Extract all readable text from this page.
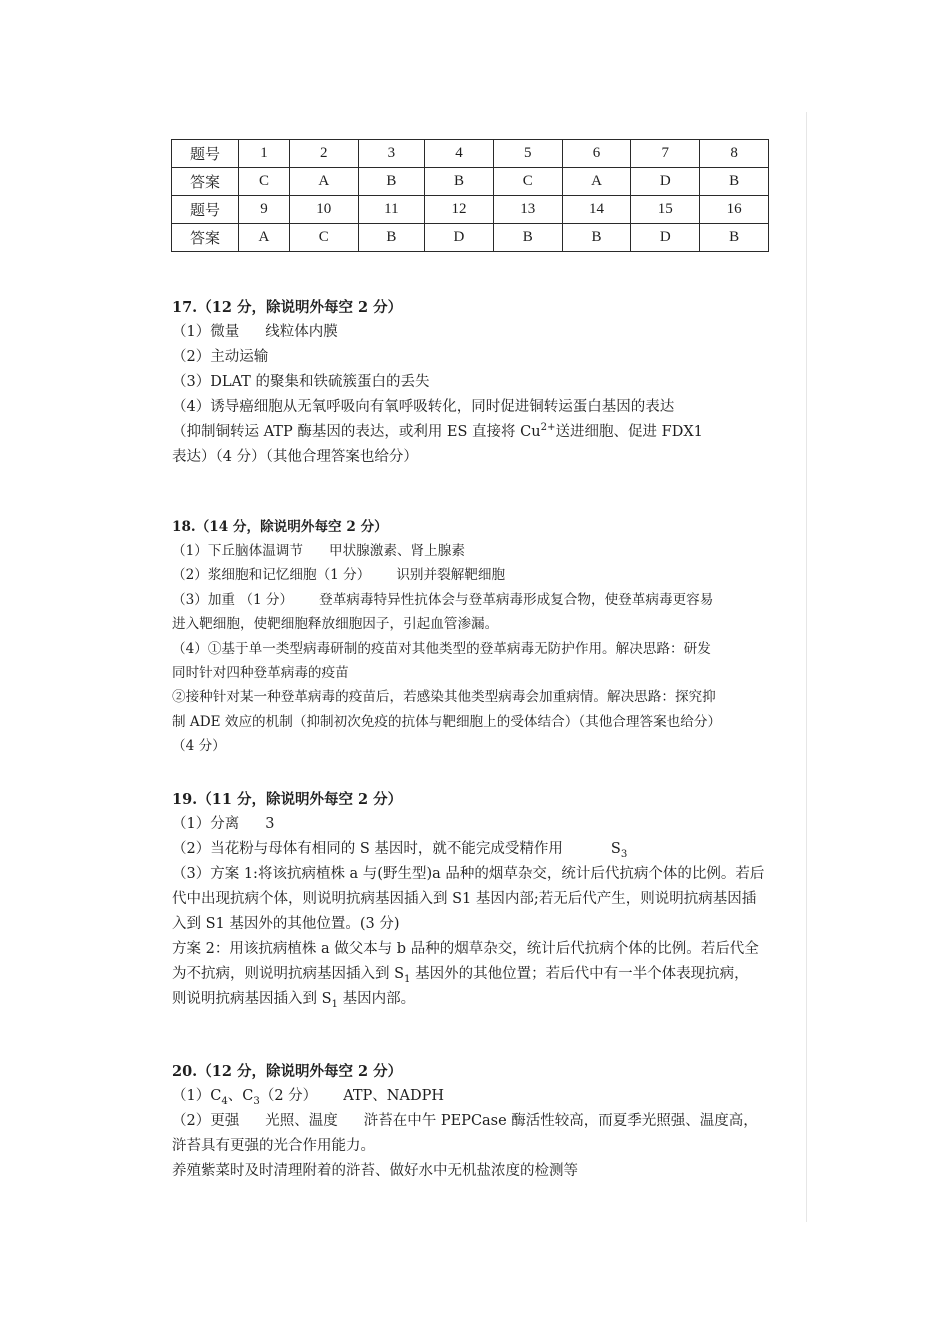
题号	1	2	3	4	5	6	7	8
答案	C	A	B	B	C	A	D	B
题号	9	10	11	12	13	14	15	16
答案	A	C	B	D	B	B	D	B
17.（12 分，除说明外每空 2 分）
（1）微量 线粒体内膜
（2）主动运输
（3）DLAT 的聚集和铁硫簇蛋白的丢失
（4）诱导癌细胞从无氧呼吸向有氧呼吸转化，同时促进铜转运蛋白基因的表达
（抑制铜转运 ATP 酶基因的表达，或利用 ES 直接将 $Cu^{2+}$送进细胞、促进 FDX1
表达）（4 分）（其他合理答案也给分）
18.（14 分，除说明外每空 2 分）
（1）下丘脑体温调节 甲状腺激素、肾上腺素
（2）浆细胞和记忆细胞（1 分） 识别并裂解靶细胞
（3）加重 （1 分） 登革病毒特异性抗体会与登革病毒形成复合物，使登革病毒更容易
进入靶细胞，使靶细胞释放细胞因子，引起血管渗漏。
（4）①基于单一类型病毒研制的疫苗对其他类型的登革病毒无防护作用。解决思路：研发
同时针对四种登革病毒的疫苗
②接种针对某一种登革病毒的疫苗后，若感染其他类型病毒会加重病情。解决思路：探究抑
制 ADE 效应的机制（抑制初次免疫的抗体与靶细胞上的受体结合）（其他合理答案也给分）
（4 分）
19.（11 分，除说明外每空 2 分）
（1）分离 3
（2）当花粉与母体有相同的 S 基因时，就不能完成受精作用	$S_3$
（3）方案 1:将该抗病植株 a 与(野生型)a 品种的烟草杂交，统计后代抗病个体的比例。若后
代中出现抗病个体，则说明抗病基因插入到 S1 基因内部;若无后代产生，则说明抗病基因插
入到 S1 基因外的其他位置。(3 分)
方案 2：用该抗病植株 a 做父本与 b 品种的烟草杂交，统计后代抗病个体的比例。若后代全
为不抗病，则说明抗病基因插入到 $S_1$ 基因外的其他位置；若后代中有一半个体表现抗病，
则说明抗病基因插入到 $S_1$ 基因内部。
20.（12 分，除说明外每空 2 分）
$(1)C_4$、$C_3(2$ 分） ATP、NADPH
（2）更强 光照、温度 浒苔在中午 PEPCase 酶活性较高，而夏季光照强、温度高，
浒苔具有更强的光合作用能力。
养殖紫菜时及时清理附着的浒苔、做好水中无机盐浓度的检测等
